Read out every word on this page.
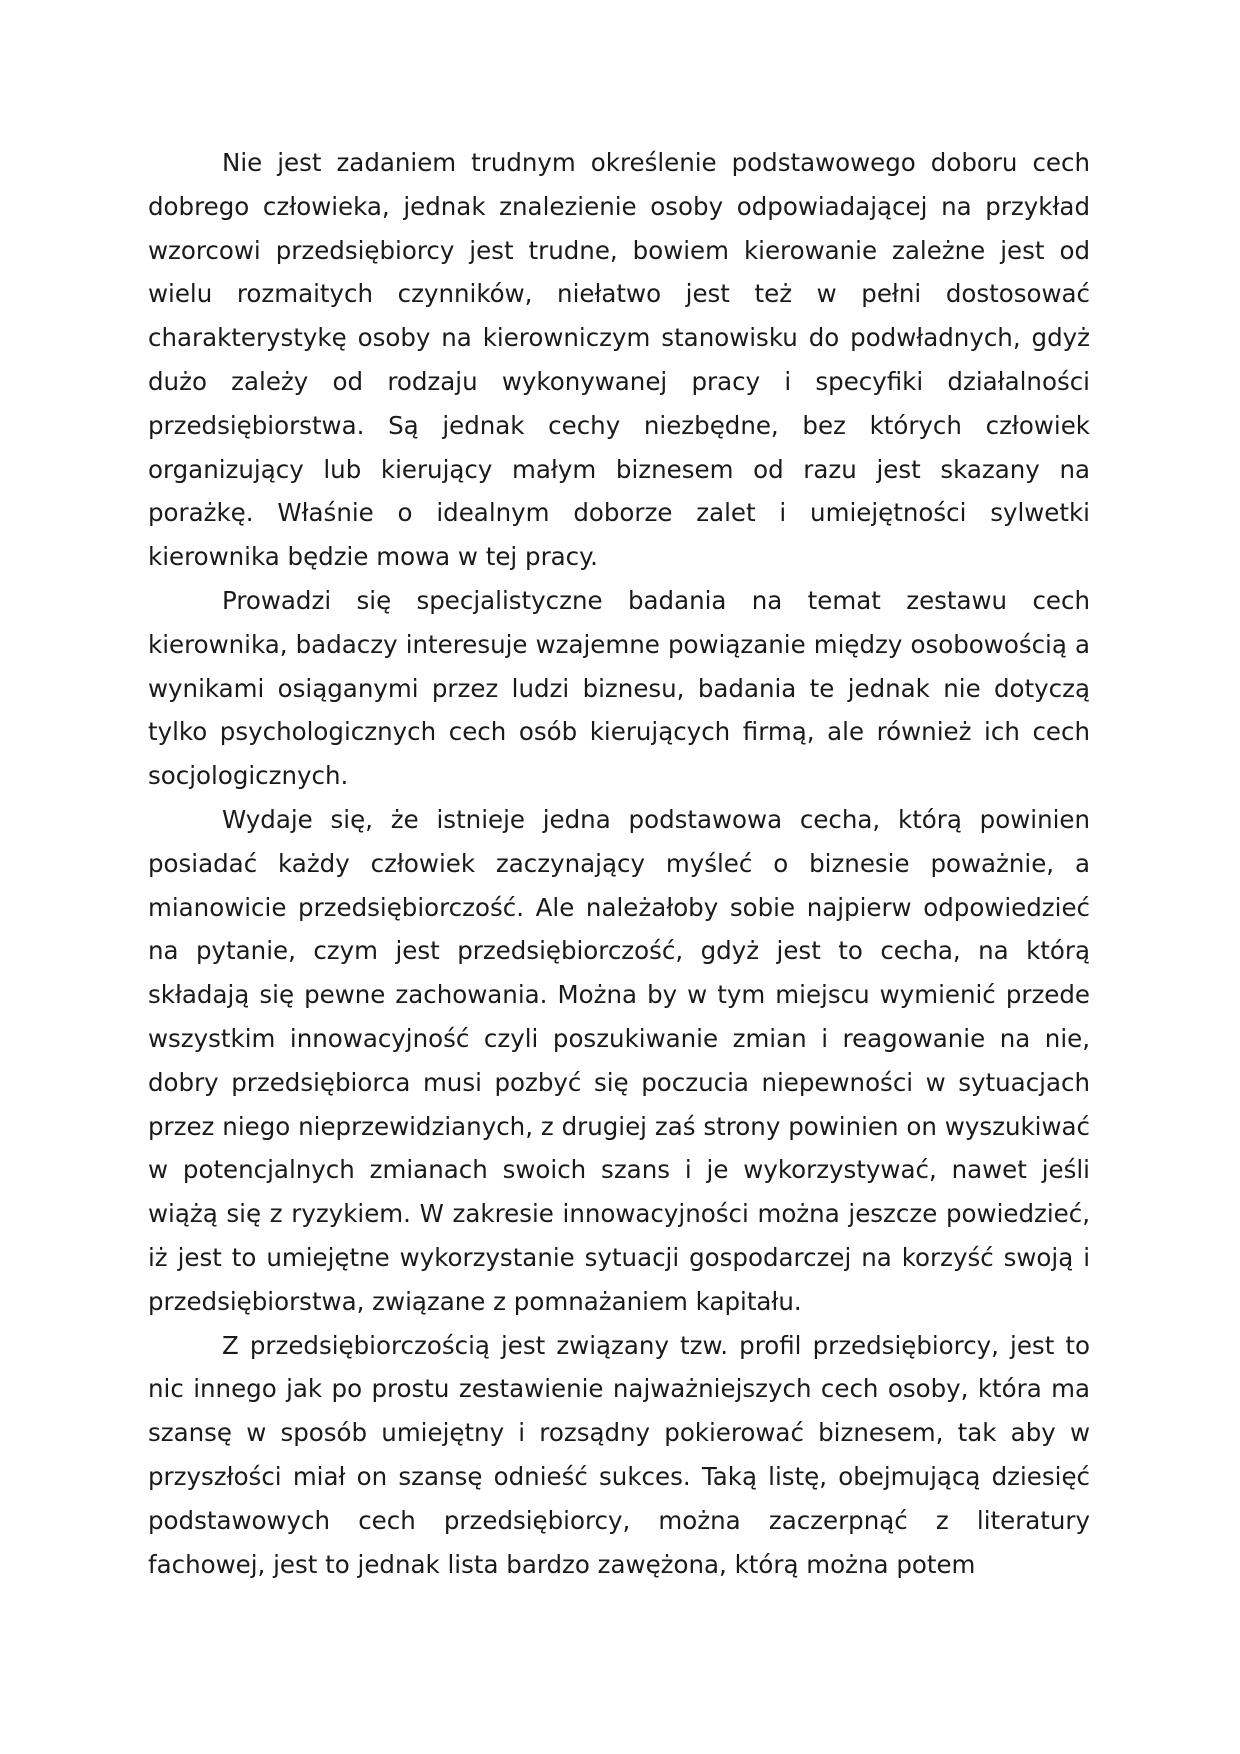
Nie jest zadaniem trudnym określenie podstawowego doboru cech dobrego człowieka, jednak znalezienie osoby odpowiadającej na przykład wzorcowi przedsiębiorcy jest trudne, bowiem kierowanie zależne jest od wielu rozmaitych czynników, niełatwo jest też w pełni dostosować charakterystykę osoby na kierowniczym stanowisku do podwładnych, gdyż dużo zależy od rodzaju wykonywanej pracy i specyfiki działalności przedsiębiorstwa. Są jednak cechy niezbędne, bez których człowiek organizujący lub kierujący małym biznesem od razu jest skazany na porażkę. Właśnie o idealnym doborze zalet i umiejętności sylwetki kierownika będzie mowa w tej pracy.

Prowadzi się specjalistyczne badania na temat zestawu cech kierownika, badaczy interesuje wzajemne powiązanie między osobowością a wynikami osiąganymi przez ludzi biznesu, badania te jednak nie dotyczą tylko psychologicznych cech osób kierujących firmą, ale również ich cech socjologicznych.

Wydaje się, że istnieje jedna podstawowa cecha, którą powinien posiadać każdy człowiek zaczynający myśleć o biznesie poważnie, a mianowicie przedsiębiorczość. Ale należałoby sobie najpierw odpowiedzieć na pytanie, czym jest przedsiębiorczość, gdyż jest to cecha, na którą składają się pewne zachowania. Można by w tym miejscu wymienić przede wszystkim innowacyjność czyli poszukiwanie zmian i reagowanie na nie, dobry przedsiębiorca musi pozbyć się poczucia niepewności w sytuacjach przez niego nieprzewidzianych, z drugiej zaś strony powinien on wyszukiwać w potencjalnych zmianach swoich szans i je wykorzystywać, nawet jeśli wiążą się z ryzykiem. W zakresie innowacyjności można jeszcze powiedzieć, iż jest to umiejętne wykorzystanie sytuacji gospodarczej na korzyść swoją i przedsiębiorstwa, związane z pomnażaniem kapitału.

Z przedsiębiorczością jest związany tzw. profil przedsiębiorcy, jest to nic innego jak po prostu zestawienie najważniejszych cech osoby, która ma szansę w sposób umiejętny i rozsądny pokierować biznesem, tak aby w przyszłości miał on szansę odnieść sukces. Taką listę, obejmującą dziesięć podstawowych cech przedsiębiorcy, można zaczerpnąć z literatury fachowej, jest to jednak lista bardzo zawężona, którą można potem
